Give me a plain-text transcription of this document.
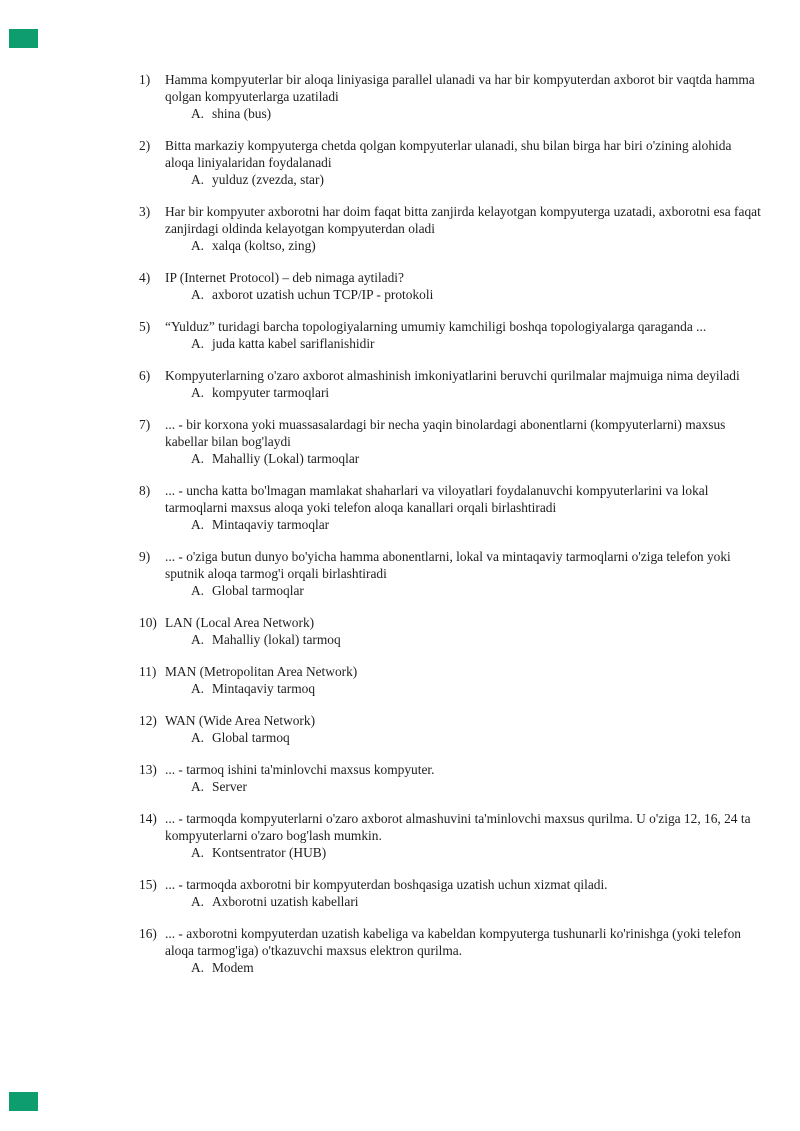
1)	Hamma kompyuterlar bir aloqa liniyasiga parallel ulanadi va har bir kompyuterdan axborot bir vaqtda hamma qolgan kompyuterlarga uzatiladi
A. shina (bus)
2)	Bitta markaziy kompyuterga chetda qolgan kompyuterlar ulanadi, shu bilan birga har biri o'zining alohida aloqa liniyalaridan foydalanadi
A. yulduz (zvezda, star)
3)	Har bir kompyuter axborotni har doim faqat bitta zanjirda kelayotgan kompyuterga uzatadi, axborotni esa faqat zanjirdagi oldinda kelayotgan kompyuterdan oladi
A. xalqa (koltso, zing)
4)	IP (Internet Protocol) – deb nimaga aytiladi?
A. axborot uzatish uchun TCP/IP - protokoli
5)	“Yulduz” turidagi barcha topologiyalarning umumiy kamchiligi boshqa topologiyalarga qaraganda ...
A. juda katta kabel sariflanishidir
6)	Kompyuterlarning o'zaro axborot almashinish imkoniyatlarini beruvchi qurilmalar majmuiga nima deyiladi
A. kompyuter tarmoqlari
7)	... - bir korxona yoki muassasalardagi bir necha yaqin binolardagi abonentlarni (kompyuterlarni) maxsus kabellar bilan bog'laydi
A. Mahalliy (Lokal) tarmoqlar
8)	... - uncha katta bo'lmagan mamlakat shaharlari va viloyatlari foydalanuvchi kompyuterlarini va lokal tarmoqlarni maxsus aloqa yoki telefon aloqa kanallari orqali birlashtiradi
A. Mintaqaviy tarmoqlar
9)	... - o'ziga butun dunyo bo'yicha hamma abonentlarni, lokal va mintaqaviy tarmoqlarni o'ziga telefon yoki sputnik aloqa tarmog'i orqali birlashtiradi
A. Global tarmoqlar
10) LAN (Local Area Network)
A. Mahalliy (lokal) tarmoq
11) MAN (Metropolitan Area Network)
A. Mintaqaviy tarmoq
12) WAN (Wide Area Network)
A. Global tarmoq
13) ... - tarmoq ishini ta'minlovchi maxsus kompyuter.
A. Server
14) ... - tarmoqda kompyuterlarni o'zaro axborot almashuvini ta'minlovchi maxsus qurilma. U o'ziga 12, 16, 24 ta kompyuterlarni o'zaro bog'lash mumkin.
A. Kontsentrator (HUB)
15) ... - tarmoqda axborotni bir kompyuterdan boshqasiga uzatish uchun xizmat qiladi.
A. Axborotni uzatish kabellari
16) ... - axborotni kompyuterdan uzatish kabeliga va kabeldan kompyuterga tushunarli ko'rinishga (yoki telefon aloqa tarmog'iga) o'tkazuvchi maxsus elektron qurilma.
A. Modem
